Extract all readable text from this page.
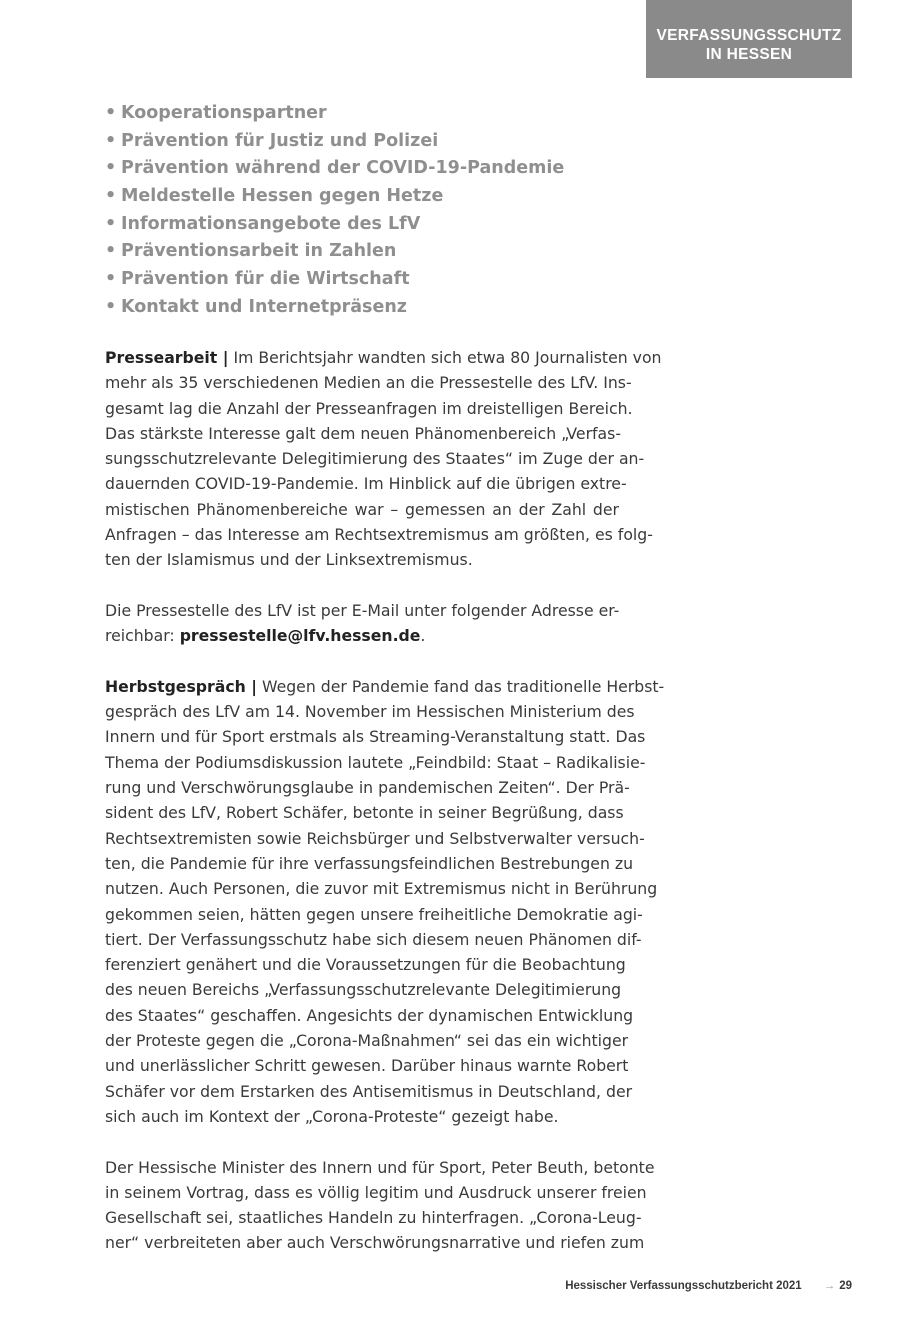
VERFASSUNGSSCHUTZ
IN HESSEN
• Kooperationspartner
• Prävention für Justiz und Polizei
• Prävention während der COVID-19-Pandemie
• Meldestelle Hessen gegen Hetze
• Informationsangebote des LfV
• Präventionsarbeit in Zahlen
• Prävention für die Wirtschaft
• Kontakt und Internetpräsenz

Pressearbeit | Im Berichtsjahr wandten sich etwa 80 Journalisten von
mehr als 35 verschiedenen Medien an die Pressestelle des LfV. Ins-
gesamt lag die Anzahl der Presseanfragen im dreistelligen Bereich.
Das stärkste Interesse galt dem neuen Phänomenbereich „Verfas-
sungsschutzrelevante Delegitimierung des Staates“ im Zuge der an-
dauernden COVID-19-Pandemie. Im Hinblick auf die übrigen extre-
mistischen Phänomenbereiche war – gemessen an der Zahl der
Anfragen – das Interesse am Rechtsextremismus am größten, es folg-
ten der Islamismus und der Linksextremismus.

Die Pressestelle des LfV ist per E-Mail unter folgender Adresse er-
reichbar: pressestelle@lfv.hessen.de.

Herbstgespräch | Wegen der Pandemie fand das traditionelle Herbst-
gespräch des LfV am 14. November im Hessischen Ministerium des
Innern und für Sport erstmals als Streaming-Veranstaltung statt. Das
Thema der Podiumsdiskussion lautete „Feindbild: Staat – Radikalisie-
rung und Verschwörungsglaube in pandemischen Zeiten“. Der Prä-
sident des LfV, Robert Schäfer, betonte in seiner Begrüßung, dass
Rechtsextremisten sowie Reichsbürger und Selbstverwalter versuch-
ten, die Pandemie für ihre verfassungsfeindlichen Bestrebungen zu
nutzen. Auch Personen, die zuvor mit Extremismus nicht in Berührung
gekommen seien, hätten gegen unsere freiheitliche Demokratie agi-
tiert. Der Verfassungsschutz habe sich diesem neuen Phänomen dif-
ferenziert genähert und die Voraussetzungen für die Beobachtung
des neuen Bereichs „Verfassungsschutzrelevante Delegitimierung
des Staates“ geschaffen. Angesichts der dynamischen Entwicklung
der Proteste gegen die „Corona-Maßnahmen“ sei das ein wichtiger
und unerlässlicher Schritt gewesen. Darüber hinaus warnte Robert
Schäfer vor dem Erstarken des Antisemitismus in Deutschland, der
sich auch im Kontext der „Corona-Proteste“ gezeigt habe.

Der Hessische Minister des Innern und für Sport, Peter Beuth, betonte
in seinem Vortrag, dass es völlig legitim und Ausdruck unserer freien
Gesellschaft sei, staatliches Handeln zu hinterfragen. „Corona-Leug-
ner“ verbreiteten aber auch Verschwörungsnarrative und riefen zum

Hessischer Verfassungsschutzbericht 2021 → 29
